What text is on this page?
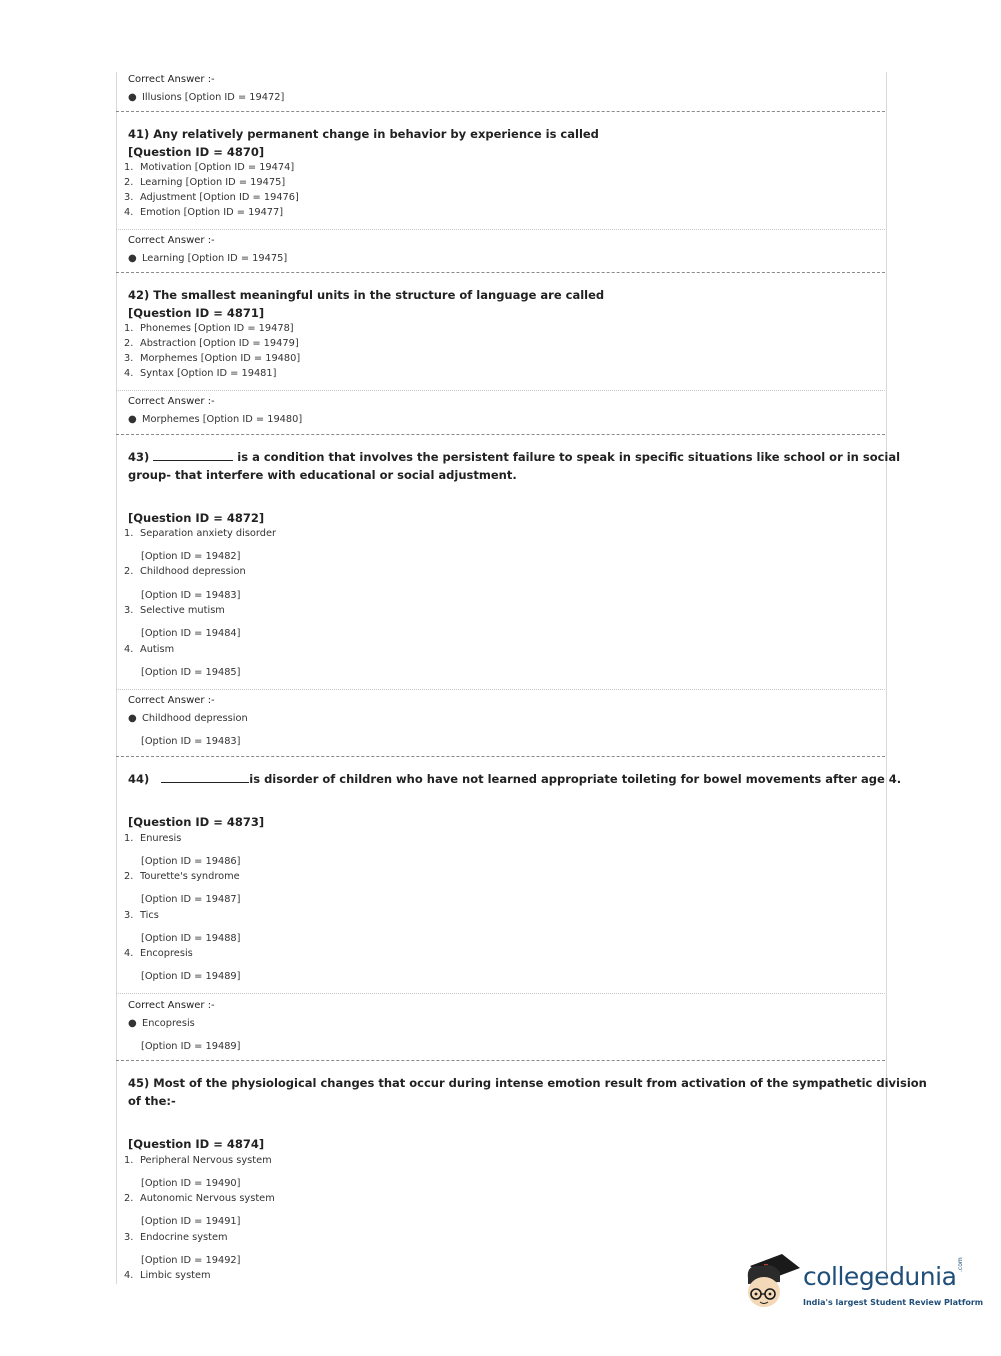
Correct Answer :-
● Illusions [Option ID = 19472]
41) Any relatively permanent change in behavior by experience is called
[Question ID = 4870]
1. Motivation [Option ID = 19474]
2. Learning [Option ID = 19475]
3. Adjustment [Option ID = 19476]
4. Emotion [Option ID = 19477]
Correct Answer :-
● Learning [Option ID = 19475]
42) The smallest meaningful units in the structure of language are called
[Question ID = 4871]
1. Phonemes [Option ID = 19478]
2. Abstraction [Option ID = 19479]
3. Morphemes [Option ID = 19480]
4. Syntax [Option ID = 19481]
Correct Answer :-
● Morphemes [Option ID = 19480]
43)	is a condition that involves the persistent failure to speak in specific situations like school or in social
group- that interfere with educational or social adjustment.
[Question ID = 4872]
1. Separation anxiety disorder
[Option ID = 19482]
2. Childhood depression
[Option ID = 19483]
3. Selective mutism
[Option ID = 19484]
4. Autism
[Option ID = 19485]
Correct Answer :-
● Childhood depression
[Option ID = 19483]
44)	is disorder of children who have not learned appropriate toileting for bowel movements after age 4.
[Question ID = 4873]
1. Enuresis
[Option ID = 19486]
2. Tourette's syndrome
[Option ID = 19487]
3. Tics
[Option ID = 19488]
4. Encopresis
[Option ID = 19489]
Correct Answer :-
● Encopresis
[Option ID = 19489]
45) Most of the physiological changes that occur during intense emotion result from activation of the sympathetic division
of the:-
[Question ID = 4874]
1. Peripheral Nervous system
[Option ID = 19490]
2. Autonomic Nervous system
[Option ID = 19491]
3. Endocrine system
[Option ID = 19492]
4. Limbic system	collegedunia .com
India's largest Student Review Platform
